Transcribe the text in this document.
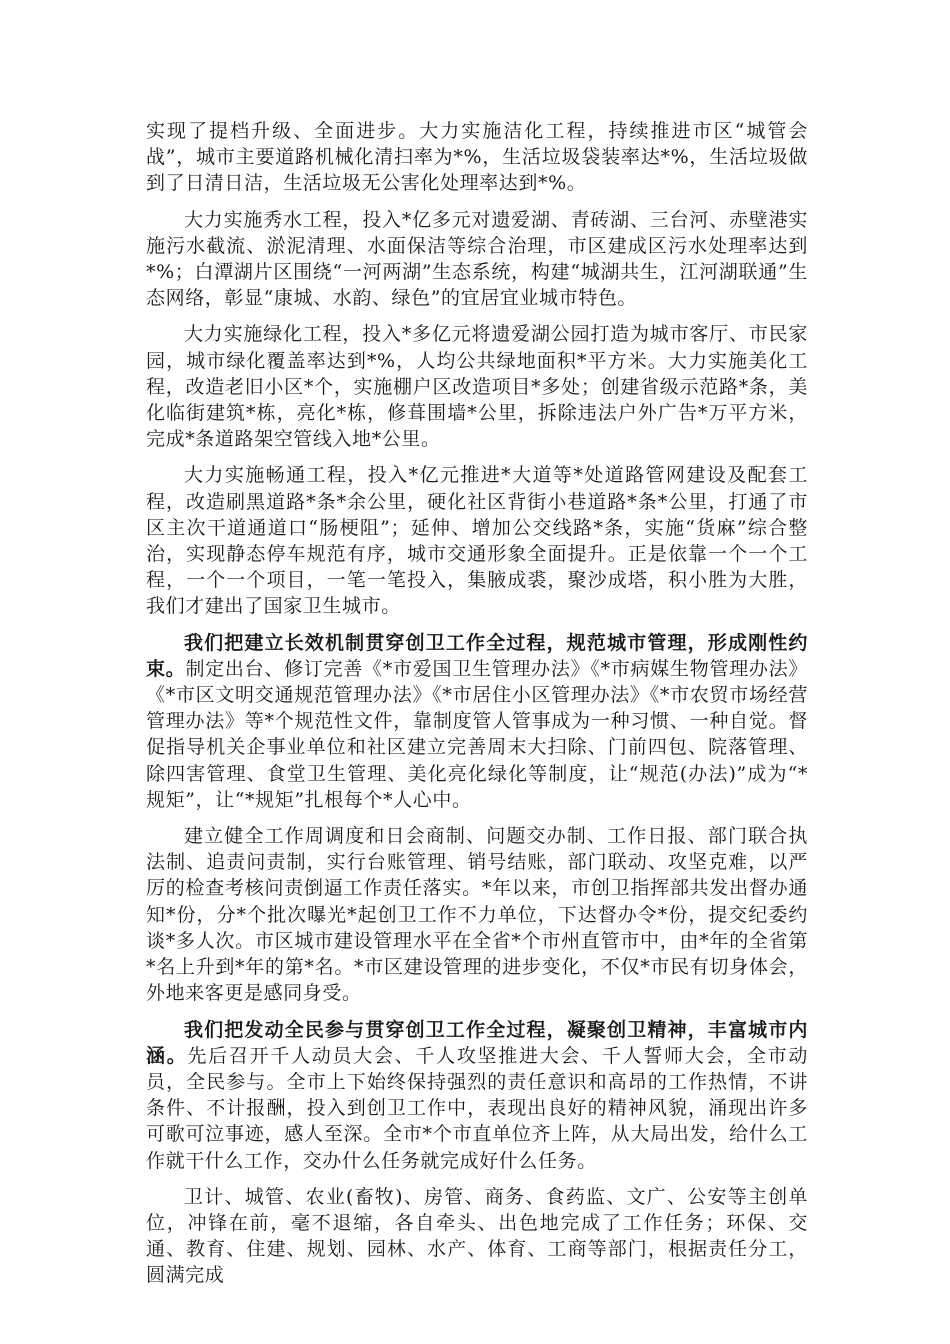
实现了提档升级、全面进步。大力实施洁化工程，持续推进市区“城管会战”，城市主要道路机械化清扫率为*%，生活垃圾袋装率达*%，生活垃圾做到了日清日洁，生活垃圾无公害化处理率达到*%。

大力实施秀水工程，投入*亿多元对遗爱湖、青砖湖、三台河、赤壁港实施污水截流、淤泥清理、水面保洁等综合治理，市区建成区污水处理率达到*%；白潭湖片区围绕“一河两湖”生态系统，构建“城湖共生，江河湖联通”生态网络，彰显“康城、水韵、绿色”的宜居宜业城市特色。

大力实施绿化工程，投入*多亿元将遗爱湖公园打造为城市客厅、市民家园，城市绿化覆盖率达到*%，人均公共绿地面积*平方米。大力实施美化工程，改造老旧小区*个，实施棚户区改造项目*多处；创建省级示范路*条，美化临街建筑*栋，亮化*栋，修葺围墙*公里，拆除违法户外广告*万平方米，完成*条道路架空管线入地*公里。

大力实施畅通工程，投入*亿元推进*大道等*处道路管网建设及配套工程，改造刷黑道路*条*余公里，硬化社区背街小巷道路*条*公里，打通了市区主次干道通道口“肠梗阻”；延伸、增加公交线路*条，实施“货麻”综合整治，实现静态停车规范有序，城市交通形象全面提升。正是依靠一个一个工程，一个一个项目，一笔一笔投入，集腋成裘，聚沙成塔，积小胜为大胜，我们才建出了国家卫生城市。

我们把建立长效机制贯穿创卫工作全过程，规范城市管理，形成刚性约束。制定出台、修订完善《*市爱国卫生管理办法》《*市病媒生物管理办法》《*市区文明交通规范管理办法》《*市居住小区管理办法》《*市农贸市场经营管理办法》等*个规范性文件，靠制度管人管事成为一种习惯、一种自觉。督促指导机关企事业单位和社区建立完善周末大扫除、门前四包、院落管理、除四害管理、食堂卫生管理、美化亮化绿化等制度，让“规范(办法)”成为“*规矩”，让“*规矩”扎根每个*人心中。

建立健全工作周调度和日会商制、问题交办制、工作日报、部门联合执法制、追责问责制，实行台账管理、销号结账，部门联动、攻坚克难，以严厉的检查考核问责倒逼工作责任落实。*年以来，市创卫指挥部共发出督办通知*份，分*个批次曝光*起创卫工作不力单位，下达督办令*份，提交纪委约谈*多人次。市区城市建设管理水平在全省*个市州直管市中，由*年的全省第*名上升到*年的第*名。*市区建设管理的进步变化，不仅*市民有切身体会，外地来客更是感同身受。

我们把发动全民参与贯穿创卫工作全过程，凝聚创卫精神，丰富城市内涵。先后召开千人动员大会、千人攻坚推进大会、千人誓师大会，全市动员，全民参与。全市上下始终保持强烈的责任意识和高昂的工作热情，不讲条件、不计报酬，投入到创卫工作中，表现出良好的精神风貌，涌现出许多可歌可泣事迹，感人至深。全市*个市直单位齐上阵，从大局出发，给什么工作就干什么工作，交办什么任务就完成好什么任务。

卫计、城管、农业(畜牧)、房管、商务、食药监、文广、公安等主创单位，冲锋在前，毫不退缩，各自牵头、出色地完成了工作任务；环保、交通、教育、住建、规划、园林、水产、体育、工商等部门，根据责任分工，圆满完成
